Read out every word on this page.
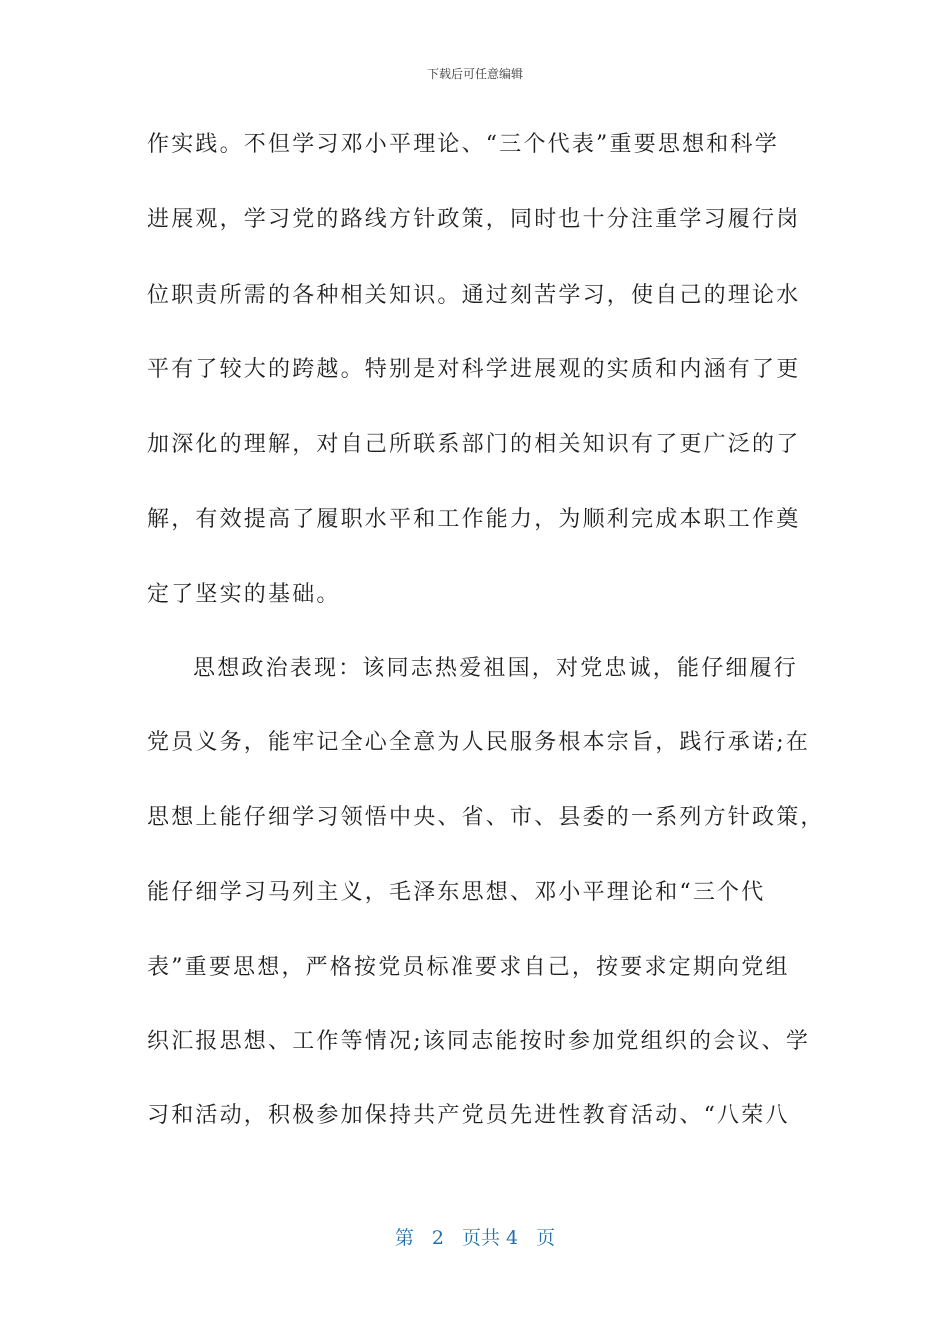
下载后可任意编辑
作实践。不但学习邓小平理论、“三个代表”重要思想和科学
进展观，学习党的路线方针政策，同时也十分注重学习履行岗
位职责所需的各种相关知识。通过刻苦学习，使自己的理论水
平有了较大的跨越。特别是对科学进展观的实质和内涵有了更
加深化的理解，对自己所联系部门的相关知识有了更广泛的了
解，有效提高了履职水平和工作能力，为顺利完成本职工作奠
定了坚实的基础。
思想政治表现：该同志热爱祖国，对党忠诚，能仔细履行
党员义务，能牢记全心全意为人民服务根本宗旨，践行承诺;在
思想上能仔细学习领悟中央、省、市、县委的一系列方针政策，
能仔细学习马列主义，毛泽东思想、邓小平理论和“三个代
表”重要思想，严格按党员标准要求自己，按要求定期向党组
织汇报思想、工作等情况;该同志能按时参加党组织的会议、学
习和活动，积极参加保持共产党员先进性教育活动、“八荣八
第 2 页共 4 页
